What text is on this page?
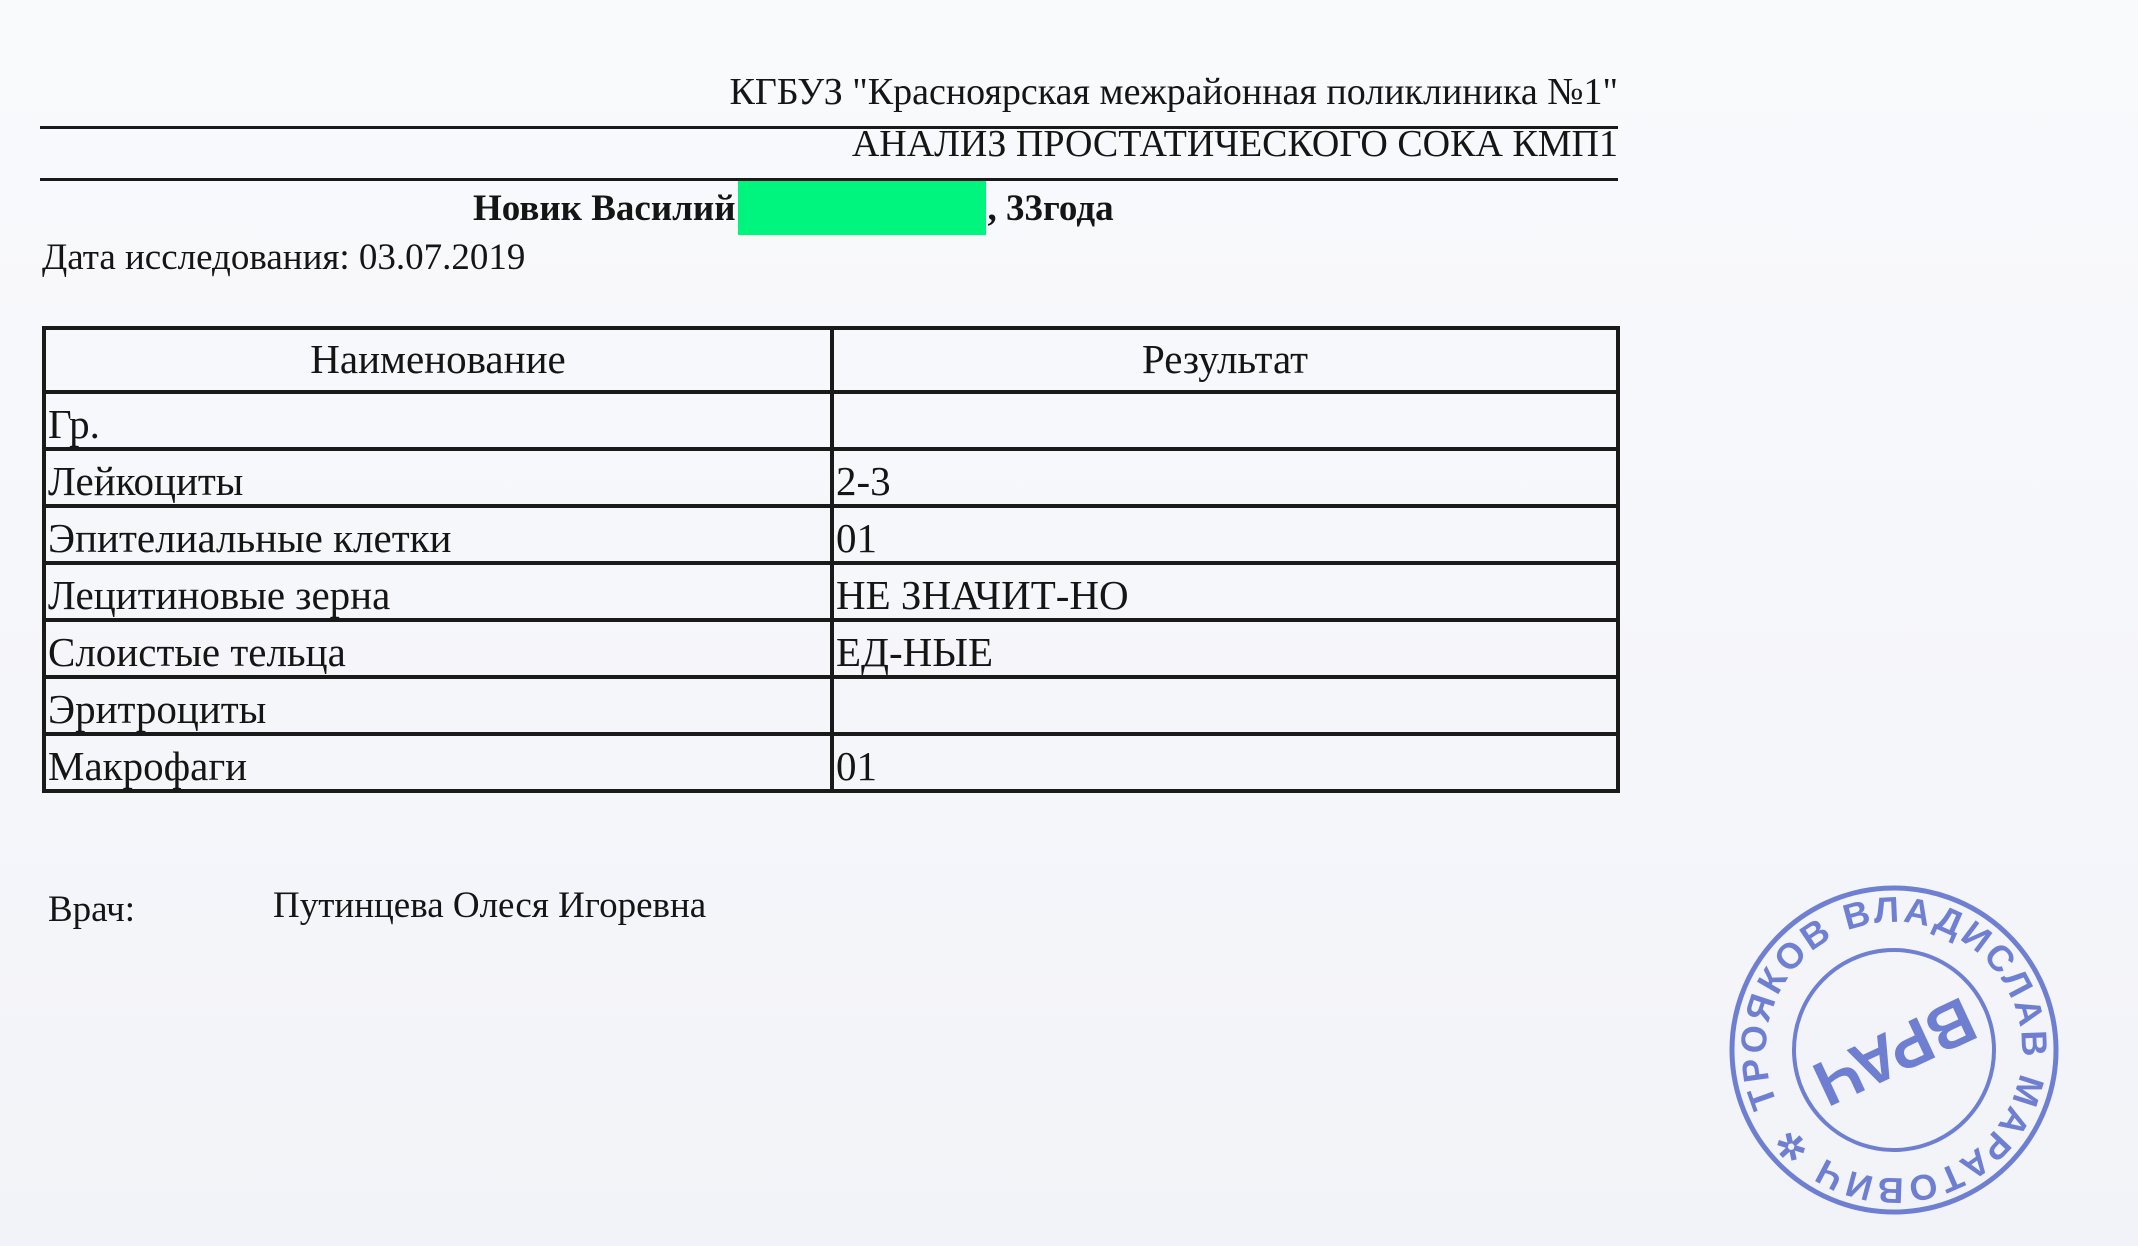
КГБУЗ "Красноярская межрайонная поликлиника №1"
АНАЛИЗ ПРОСТАТИЧЕСКОГО СОКА КМП1
Новик Василий	, 33года
Дата исследования: 03.07.2019
Наименование	Результат
Гр.	
Лейкоциты	2-3
Эпителиальные клетки	01
Лецитиновые зерна	НЕ ЗНАЧИТ-НО
Слоистые тельца	ЕД-НЫЕ
Эритроциты	
Макрофаги	01
Врач:	Путинцева Олеся Игоревна
ТРОЯКОВ ВЛАДИСЛАВ МАРАТОВИЧ ✲
ВРАЧ
